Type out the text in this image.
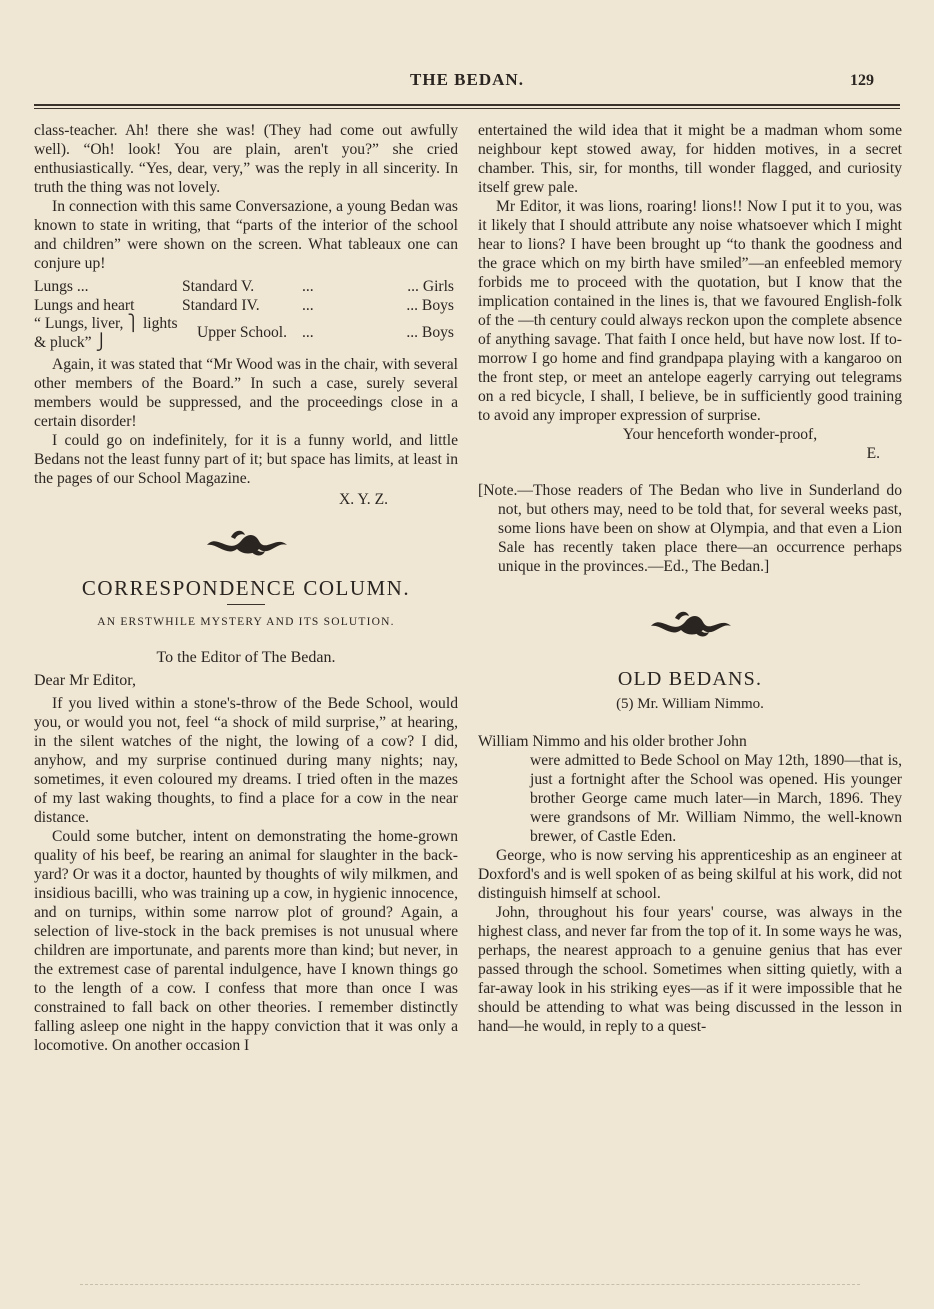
THE BEDAN.	129

class-teacher. Ah! there she was! (They had come out awfully well). “Oh! look! You are plain, aren't you?” she cried enthusiastically. “Yes, dear, very,” was the reply in all sincerity. In truth the thing was not lovely.

In connection with this same Conversazione, a young Bedan was known to state in writing, that “parts of the interior of the school and children” were shown on the screen. What tableaux one can conjure up!

Lungs ...	Standard V.	...	... Girls
Lungs and heart	Standard IV.	...	... Boys
“ Lungs, liver, ⎫ lights & pluck” ⎭	Upper School.	...	... Boys

Again, it was stated that “Mr Wood was in the chair, with several other members of the Board.” In such a case, surely several members would be suppressed, and the proceedings close in a certain disorder!

I could go on indefinitely, for it is a funny world, and little Bedans not the least funny part of it; but space has limits, at least in the pages of our School Magazine.

X. Y. Z.
CORRESPONDENCE COLUMN.
AN ERSTWHILE MYSTERY AND ITS SOLUTION.
To the Editor of The Bedan.
Dear Mr Editor,

If you lived within a stone's-throw of the Bede School, would you, or would you not, feel “a shock of mild surprise,” at hearing, in the silent watches of the night, the lowing of a cow? I did, anyhow, and my surprise continued during many nights; nay, sometimes, it even coloured my dreams. I tried often in the mazes of my last waking thoughts, to find a place for a cow in the near distance.

Could some butcher, intent on demonstrating the home-grown quality of his beef, be rearing an animal for slaughter in the back-yard? Or was it a doctor, haunted by thoughts of wily milkmen, and insidious bacilli, who was training up a cow, in hygienic innocence, and on turnips, within some narrow plot of ground? Again, a selection of live-stock in the back premises is not unusual where children are importunate, and parents more than kind; but never, in the extremest case of parental indulgence, have I known things go to the length of a cow. I confess that more than once I was constrained to fall back on other theories. I remember distinctly falling asleep one night in the happy conviction that it was only a locomotive. On another occasion I

entertained the wild idea that it might be a madman whom some neighbour kept stowed away, for hidden motives, in a secret chamber. This, sir, for months, till wonder flagged, and curiosity itself grew pale.

Mr Editor, it was lions, roaring! lions!! Now I put it to you, was it likely that I should attribute any noise whatsoever which I might hear to lions? I have been brought up “to thank the goodness and the grace which on my birth have smiled”—an enfeebled memory forbids me to proceed with the quotation, but I know that the implication contained in the lines is, that we favoured English-folk of the —th century could always reckon upon the complete absence of anything savage. That faith I once held, but have now lost. If to-morrow I go home and find grandpapa playing with a kangaroo on the front step, or meet an antelope eagerly carrying out telegrams on a red bicycle, I shall, I believe, be in sufficiently good training to avoid any improper expression of surprise.

Your henceforth wonder-proof,
E.

[Note.—Those readers of The Bedan who live in Sunderland do not, but others may, need to be told that, for several weeks past, some lions have been on show at Olympia, and that even a Lion Sale has recently taken place there—an occurrence perhaps unique in the provinces.—Ed., The Bedan.]

OLD BEDANS.
(5) Mr. William Nimmo.

William Nimmo and his older brother John

were admitted to Bede School on May 12th, 1890—that is, just a fortnight after the School was opened. His younger brother George came much later—in March, 1896. They were grandsons of Mr. William Nimmo, the well-known brewer, of Castle Eden.

George, who is now serving his apprenticeship as an engineer at Doxford's and is well spoken of as being skilful at his work, did not distinguish himself at school.

John, throughout his four years' course, was always in the highest class, and never far from the top of it. In some ways he was, perhaps, the nearest approach to a genuine genius that has ever passed through the school. Sometimes when sitting quietly, with a far-away look in his striking eyes—as if it were impossible that he should be attending to what was being discussed in the lesson in hand—he would, in reply to a quest-
